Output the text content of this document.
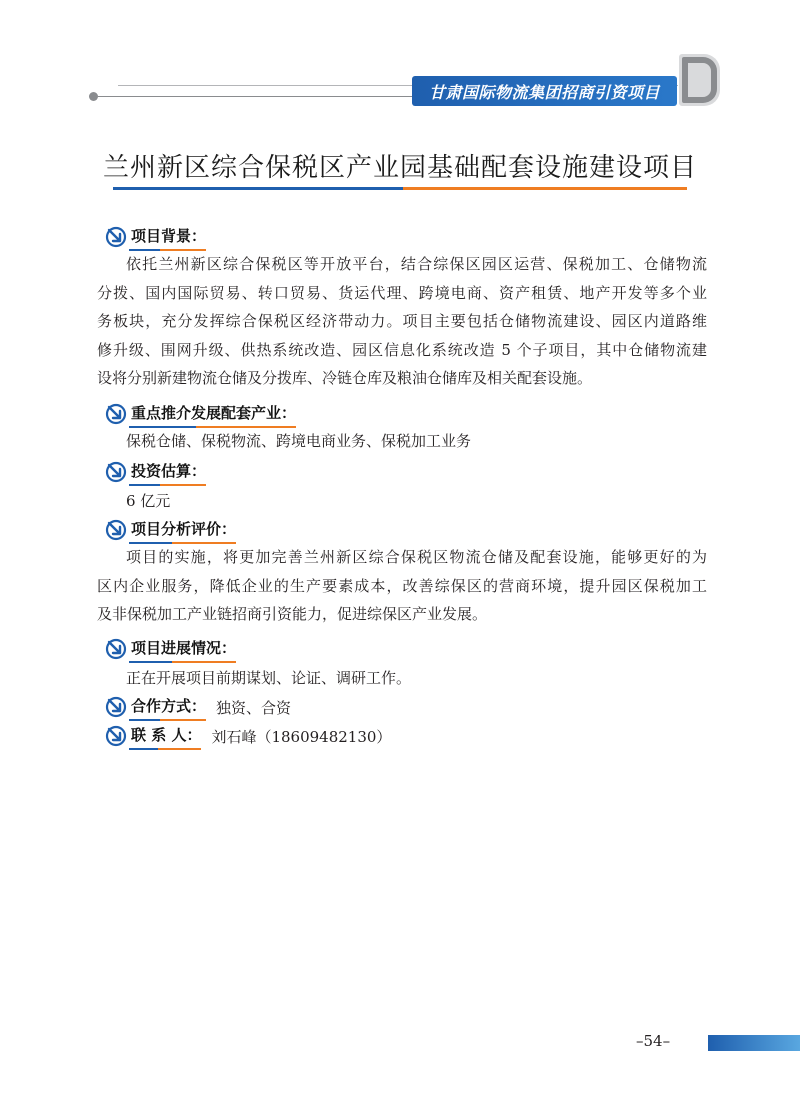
甘肃国际物流集团招商引资项目
兰州新区综合保税区产业园基础配套设施建设项目
项目背景：
依托兰州新区综合保税区等开放平台，结合综保区园区运营、保税加工、仓储物流
分拨、国内国际贸易、转口贸易、货运代理、跨境电商、资产租赁、地产开发等多个业
务板块，充分发挥综合保税区经济带动力。项目主要包括仓储物流建设、园区内道路维
修升级、围网升级、供热系统改造、园区信息化系统改造 5 个子项目，其中仓储物流建
设将分别新建物流仓储及分拨库、冷链仓库及粮油仓储库及相关配套设施。
重点推介发展配套产业：
保税仓储、保税物流、跨境电商业务、保税加工业务
投资估算：
6 亿元
项目分析评价：
项目的实施，将更加完善兰州新区综合保税区物流仓储及配套设施，能够更好的为
区内企业服务，降低企业的生产要素成本，改善综保区的营商环境，提升园区保税加工
及非保税加工产业链招商引资能力，促进综保区产业发展。
项目进展情况：
正在开展项目前期谋划、论证、调研工作。
合作方式： 独资、合资
联 系 人： 刘石峰（18609482130）
–54–
